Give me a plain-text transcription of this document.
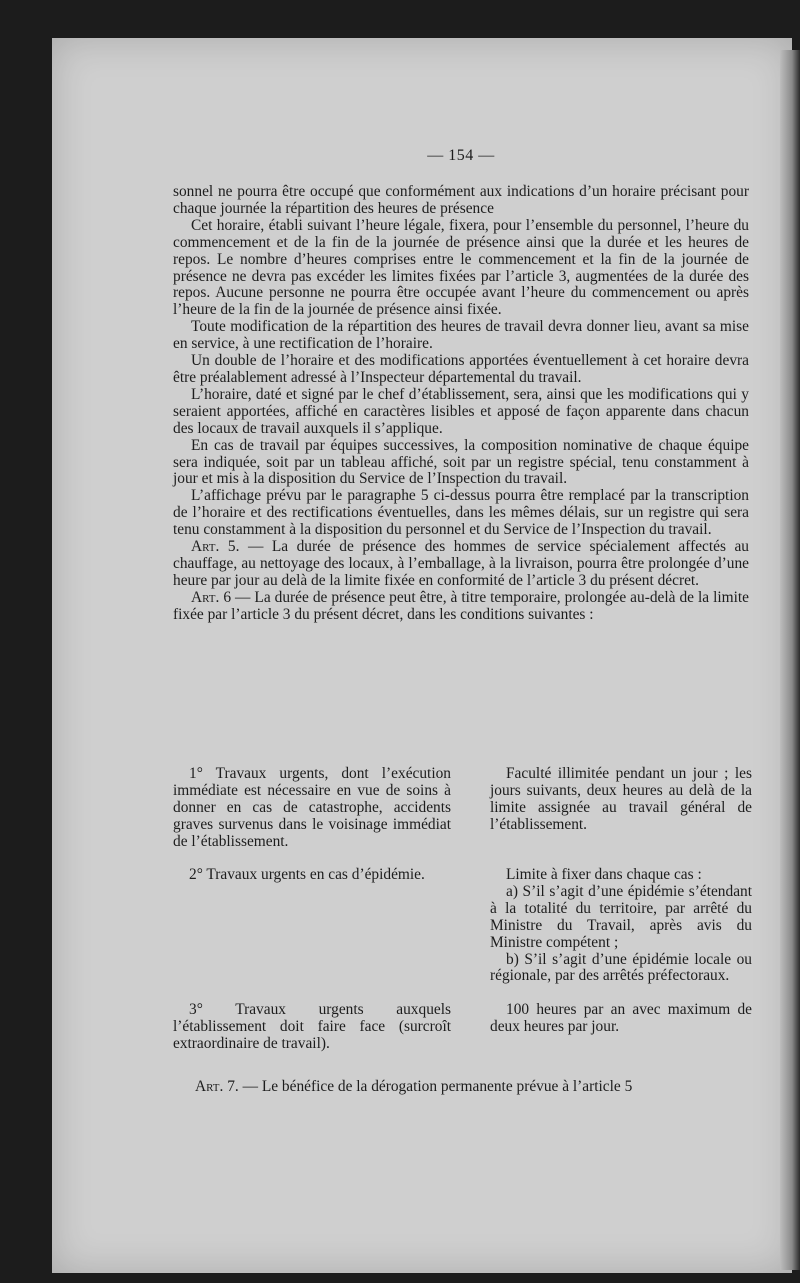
— 154 —

sonnel ne pourra être occupé que conformément aux indications d’un horaire précisant pour chaque journée la répartition des heures de présence

Cet horaire, établi suivant l’heure légale, fixera, pour l’ensemble du personnel, l’heure du commencement et de la fin de la journée de présence ainsi que la durée et les heures de repos. Le nombre d’heures comprises entre le commencement et la fin de la journée de présence ne devra pas excéder les limites fixées par l’article 3, augmentées de la durée des repos. Aucune personne ne pourra être occupée avant l’heure du commencement ou après l’heure de la fin de la journée de présence ainsi fixée.

Toute modification de la répartition des heures de travail devra donner lieu, avant sa mise en service, à une rectification de l’horaire.

Un double de l’horaire et des modifications apportées éventuellement à cet horaire devra être préalablement adressé à l’Inspecteur départemental du travail.

L’horaire, daté et signé par le chef d’établissement, sera, ainsi que les modifications qui y seraient apportées, affiché en caractères lisibles et apposé de façon apparente dans chacun des locaux de travail auxquels il s’applique.

En cas de travail par équipes successives, la composition nominative de chaque équipe sera indiquée, soit par un tableau affiché, soit par un registre spécial, tenu constamment à jour et mis à la disposition du Service de l’Inspection du travail.

L’affichage prévu par le paragraphe 5 ci-dessus pourra être remplacé par la transcription de l’horaire et des rectifications éventuelles, dans les mêmes délais, sur un registre qui sera tenu constamment à la disposition du personnel et du Service de l’Inspection du travail.

Art. 5. — La durée de présence des hommes de service spécialement affectés au chauffage, au nettoyage des locaux, à l’emballage, à la livraison, pourra être prolongée d’une heure par jour au delà de la limite fixée en conformité de l’article 3 du présent décret.

Art. 6 — La durée de présence peut être, à titre temporaire, prolongée au-delà de la limite fixée par l’article 3 du présent décret, dans les conditions suivantes :

1° Travaux urgents, dont l’exécution immédiate est nécessaire en vue de soins à donner en cas de catastrophe, accidents graves survenus dans le voisinage immédiat de l’établissement.

Faculté illimitée pendant un jour ; les jours suivants, deux heures au delà de la limite assignée au travail général de l’établissement.

2° Travaux urgents en cas d’épidémie.	Limite à fixer dans chaque cas :

a) S’il s’agit d’une épidémie s’étendant à la totalité du territoire, par arrêté du Ministre du Travail, après avis du Ministre compétent ;

b) S’il s’agit d’une épidémie locale ou régionale, par des arrêtés préfectoraux.

3° Travaux urgents auxquels l’établissement doit faire face (surcroît extraordinaire de travail).

100 heures par an avec maximum de deux heures par jour.

Art. 7. — Le bénéfice de la dérogation permanente prévue à l’article 5
